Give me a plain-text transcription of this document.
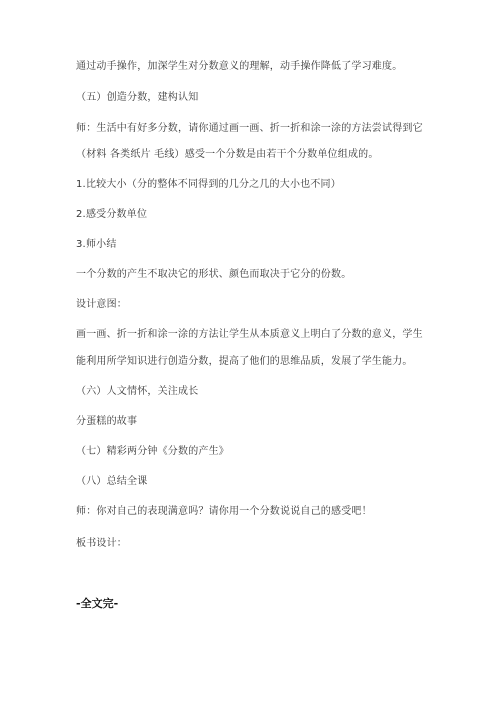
通过动手操作，加深学生对分数意义的理解，动手操作降低了学习难度。
（五）创造分数，建构认知
师：生活中有好多分数，请你通过画一画、折一折和涂一涂的方法尝试得到它
（材料 各类纸片 毛线）感受一个分数是由若干个分数单位组成的。
1.比较大小（分的整体不同得到的几分之几的大小也不同）
2.感受分数单位
3.师小结
一个分数的产生不取决它的形状、颜色而取决于它分的份数。
设计意图：
画一画、折一折和涂一涂的方法让学生从本质意义上明白了分数的意义，学生
能利用所学知识进行创造分数，提高了他们的思维品质，发展了学生能力。
（六）人文情怀，关注成长
分蛋糕的故事
（七）精彩两分钟《分数的产生》
（八）总结全课
师：你对自己的表现满意吗？请你用一个分数说说自己的感受吧！
板书设计：
-全文完-
